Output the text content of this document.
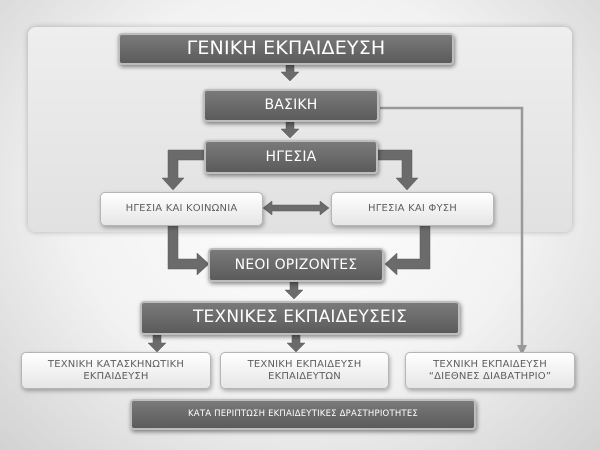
ΓΕΝΙΚΗ ΕΚΠΑΙΔΕΥΣΗ
ΒΑΣΙΚΗ
ΗΓΕΣΙΑ
ΗΓΕΣΙΑ ΚΑΙ ΚΟΙΝΩΝΙΑ	ΗΓΕΣΙΑ ΚΑΙ ΦΥΣΗ
ΝΕΟΙ ΟΡΙΖΟΝΤΕΣ
ΤΕΧΝΙΚΕΣ ΕΚΠΑΙΔΕΥΣΕΙΣ
ΤΕΧΝΙΚΗ ΚΑΤΑΣΚΗΝΩΤΙΚΗ
ΕΚΠΑΙΔΕΥΣΗ
ΤΕΧΝΙΚΗ ΕΚΠΑΙΔΕΥΣΗ
ΕΚΠΑΙΔΕΥΤΩΝ
ΤΕΧΝΙΚΗ ΕΚΠΑΙΔΕΥΣΗ
“ΔΙΕΘΝΕΣ ΔΙΑΒΑΤΗΡΙΟ”
ΚΑΤΑ ΠΕΡΙΠΤΩΣΗ ΕΚΠΑΙΔΕΥΤΙΚΕΣ ΔΡΑΣΤΗΡΙΟΤΗΤΕΣ
